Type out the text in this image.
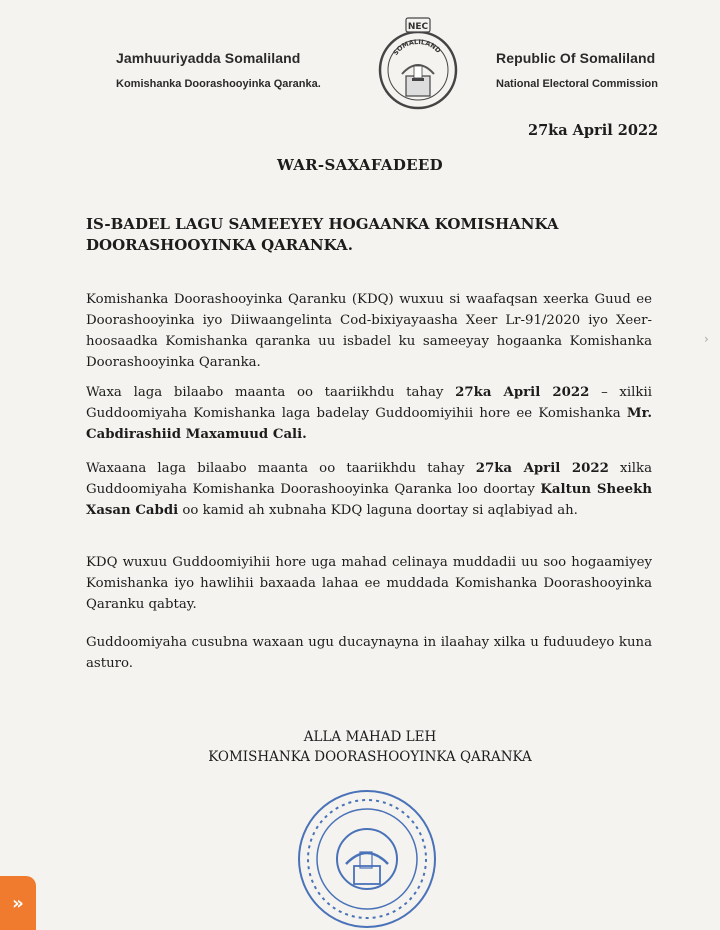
Jamhuuriyadda Somaliland
Komishanka Doorashooyinka Qaranka.
NEC
SOMALILAND
Republic Of Somaliland
National Electoral Commission
27ka April 2022
WAR-SAXAFADEED
IS-BADEL LAGU SAMEEYEY HOGAANKA KOMISHANKA
DOORASHOOYINKA QARANKA.

Komishanka Doorashooyinka Qaranku (KDQ) wuxuu si waafaqsan xeerka Guud ee Doorashooyinka iyo Diiwaangelinta Cod-bixiyayaasha Xeer Lr-91/2020 iyo Xeer-hoosaadka Komishanka qaranka uu isbadel ku sameeyay hogaanka Komishanka Doorashooyinka Qaranka.

Waxa laga bilaabo maanta oo taariikhdu tahay 27ka April 2022 – xilkii Guddoomiyaha Komishanka laga badelay Guddoomiyihii hore ee Komishanka Mr. Cabdirashiid Maxamuud Cali.

Waxaana laga bilaabo maanta oo taariikhdu tahay 27ka April 2022 xilka Guddoomiyaha Komishanka Doorashooyinka Qaranka loo doortay Kaltun Sheekh Xasan Cabdi oo kamid ah xubnaha KDQ laguna doortay si aqlabiyad ah.

KDQ wuxuu Guddoomiyihii hore uga mahad celinaya muddadii uu soo hogaamiyey Komishanka iyo hawlihii baxaada lahaa ee muddada Komishanka Doorashooyinka Qaranku qabtay.

Guddoomiyaha cusubna waxaan ugu ducaynayna in ilaahay xilka u fuduudeyo kuna asturo.

ALLA MAHAD LEH
KOMISHANKA DOORASHOOYINKA QARANKA
»
›
